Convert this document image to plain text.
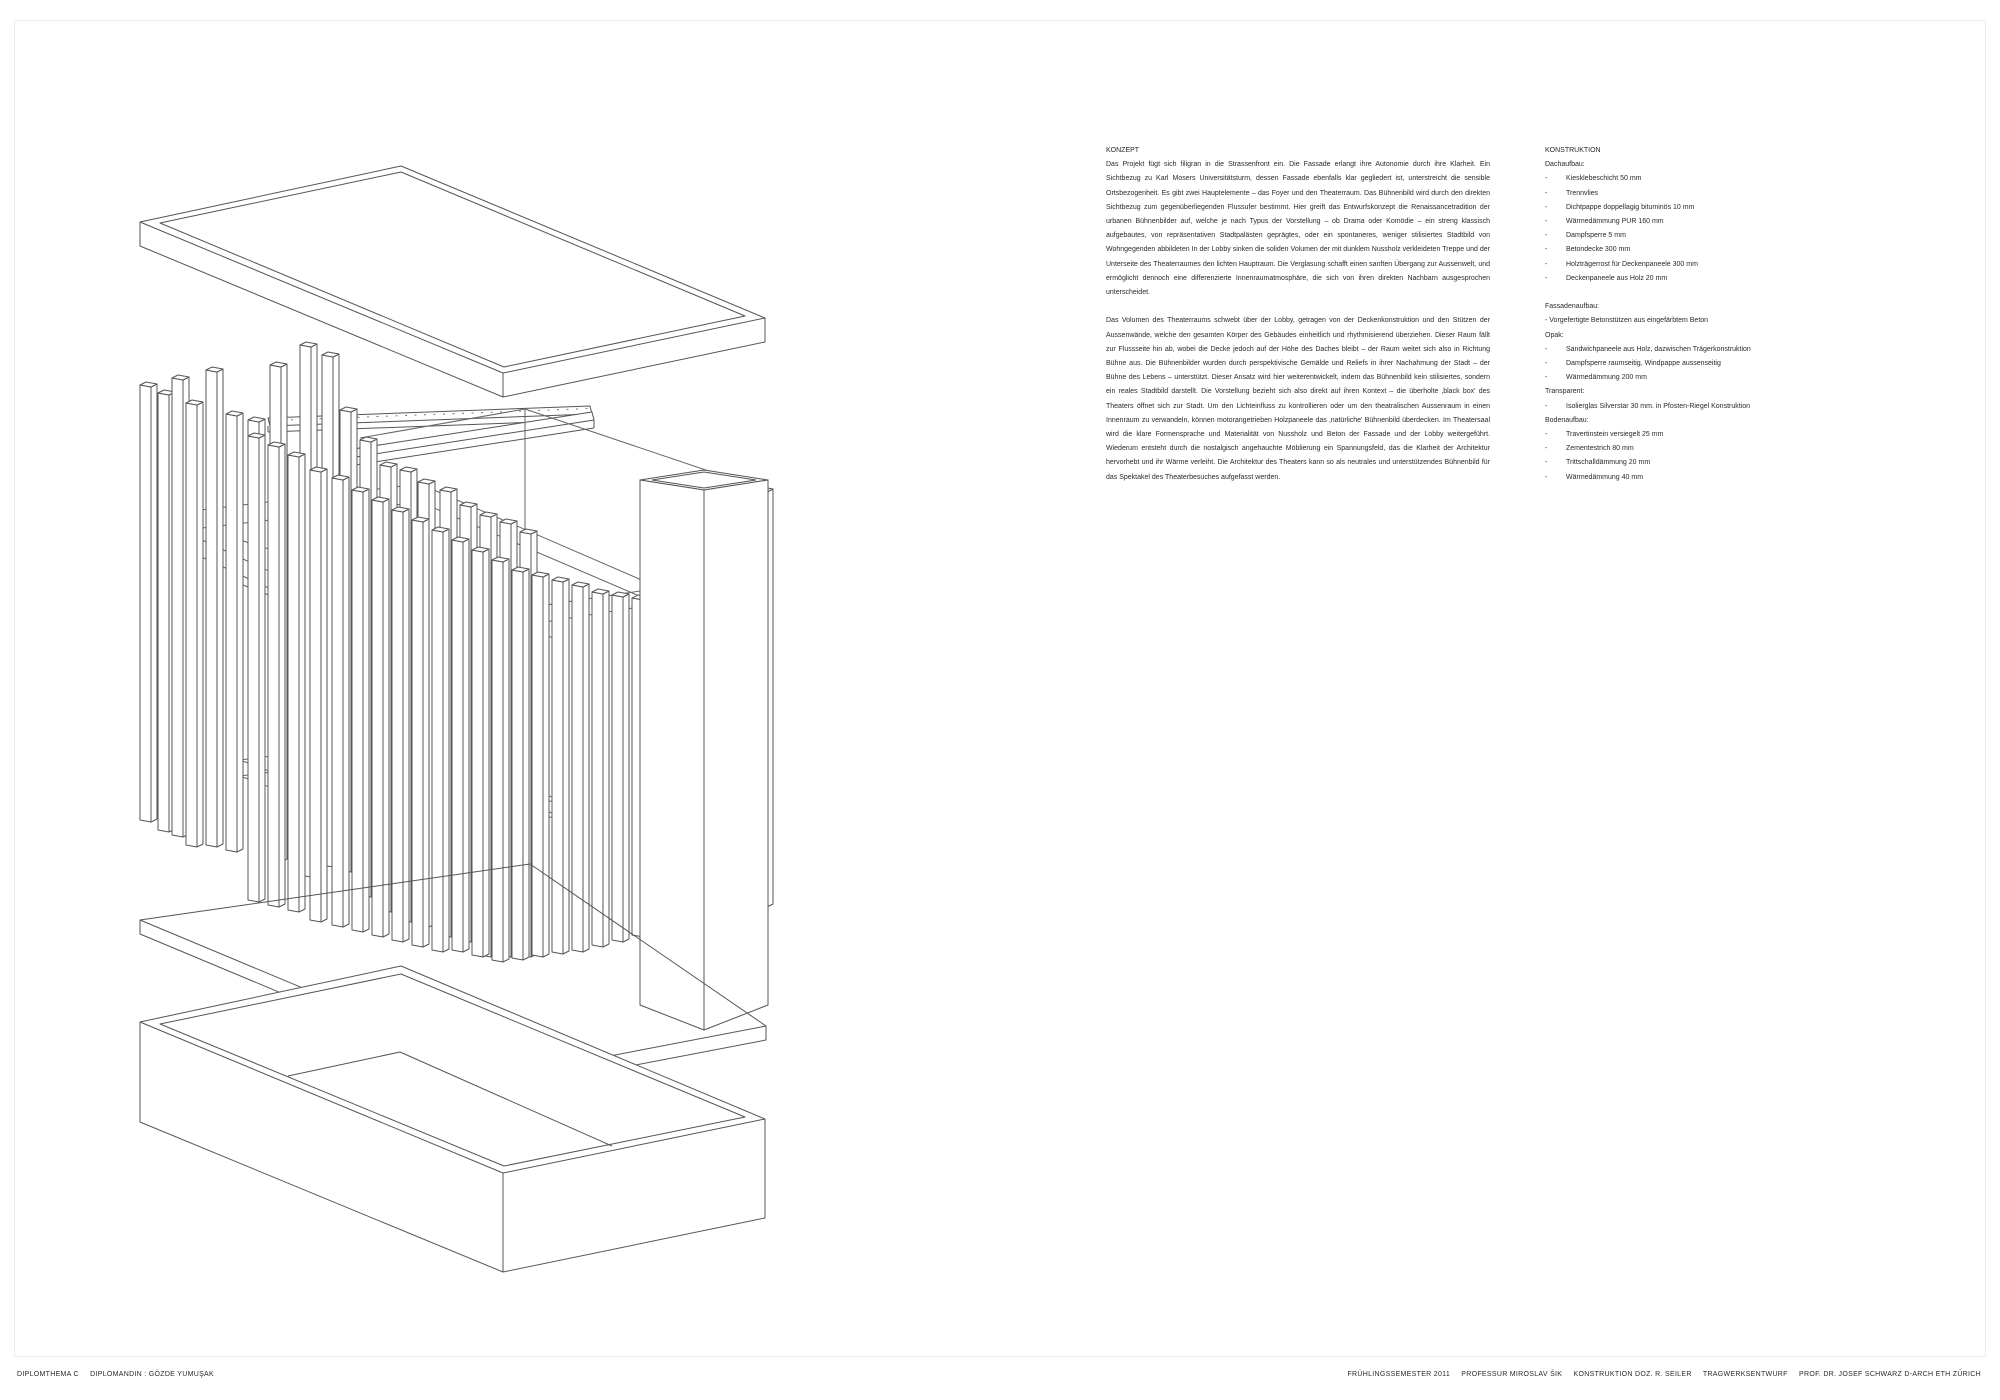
KONZEPT

Das Projekt fügt sich filigran in die Strassenfront ein. Die Fassade erlangt ihre Autonomie durch ihre Klarheit. Ein Sichtbezug zu Karl Mosers Universitätsturm, dessen Fassade ebenfalls klar gegliedert ist, unterstreicht die sensible Ortsbezogenheit. Es gibt zwei Hauptelemente – das Foyer und den Theaterraum. Das Bühnenbild wird durch den direkten Sichtbezug zum gegenüberliegenden Flussufer bestimmt. Hier greift das Entwurfskonzept die Renaissancetradition der urbanen Bühnenbilder auf, welche je nach Typus der Vorstellung – ob Drama oder Komödie – ein streng klassisch aufgebautes, von repräsentativen Stadtpalästen geprägtes, oder ein spontaneres, weniger stilisiertes Stadtbild von Wohngegenden abbildeten In der Lobby sinken die soliden Volumen der mit dunklem Nussholz verkleideten Treppe und der Unterseite des Theaterraumes den lichten Hauptraum. Die Verglasung schafft einen sanften Übergang zur Aussenwelt, und ermöglicht dennoch eine differenzierte Innenraumatmosphäre, die sich von ihren direkten Nachbarn ausgesprochen unterscheidet.

Das Volumen des Theaterraums schwebt über der Lobby, getragen von der Deckenkonstruktion und den Stützen der Aussenwände, welche den gesamten Körper des Gebäudes einheitlich und rhythmisierend überziehen. Dieser Raum fällt zur Flussseite hin ab, wobei die Decke jedoch auf der Höhe des Daches bleibt – der Raum weitet sich also in Richtung Bühne aus. Die Bühnenbilder wurden durch perspektivische Gemälde und Reliefs in ihrer Nachahmung der Stadt – der Bühne des Lebens – unterstützt. Dieser Ansatz wird hier weiterentwickelt, indem das Bühnenbild kein stilisiertes, sondern ein reales Stadtbild darstellt. Die Vorstellung bezieht sich also direkt auf ihren Kontext – die überholte ‚black box' des Theaters öffnet sich zur Stadt. Um den Lichteinfluss zu kontrollieren oder um den theatralischen Aussenraum in einen Innenraum zu verwandeln, können motorangetrieben Holzpaneele das ‚natürliche' Bühnenbild überdecken. Im Theatersaal wird die klare Formensprache und Materialität von Nussholz und Beton der Fassade und der Lobby weitergeführt. Wiederum entsteht durch die nostalgisch angehauchte Möblierung ein Spannungsfeld, das die Klarheit der Architektur hervorhebt und ihr Wärme verleiht. Die Architektur des Theaters kann so als neutrales und unterstützendes Bühnenbild für das Spektakel des Theaterbesuches aufgefasst werden.

KONSTRUKTION
Dachaufbau:
-	Kiesklebeschicht 50 mm
-	Trennvlies
-	Dichtpappe doppellagig bituminös 10 mm
-	Wärmedämmung PUR 160 mm
-	Dampfsperre 5 mm
-	Betondecke 300 mm
-	Holzträgerrost für Deckenpaneele 300 mm
-	Deckenpaneele aus Holz 20 mm
Fassadenaufbau:
- Vorgefertigte Betonstützen aus eingefärbtem Beton
Opak:
-	Sandwichpaneele aus Holz, dazwischen Trägerkonstruktion
-	Dampfsperre raumseitig, Windpappe aussenseitig
-	Wärmedämmung 200 mm
Transparent:
-	Isolierglas Silverstar 30 mm. in Pfosten-Riegel Konstruktion
Bodenaufbau:
-	Travertinstein versiegelt 25 mm
-	Zementestrich 80 mm
-	Trittschalldämmung 20 mm
-	Wärmedämmung 40 mm
DIPLOMTHEMA C DIPLOMANDIN : GÖZDE YUMUŞAK	FRÜHLINGSSEMESTER 2011 PROFESSUR MIROSLAV ŠIK KONSTRUKTION DOZ. R. SEILER TRAGWERKSENTWURF PROF. DR. JOSEF SCHWARZ D-ARCH ETH ZÜRICH
